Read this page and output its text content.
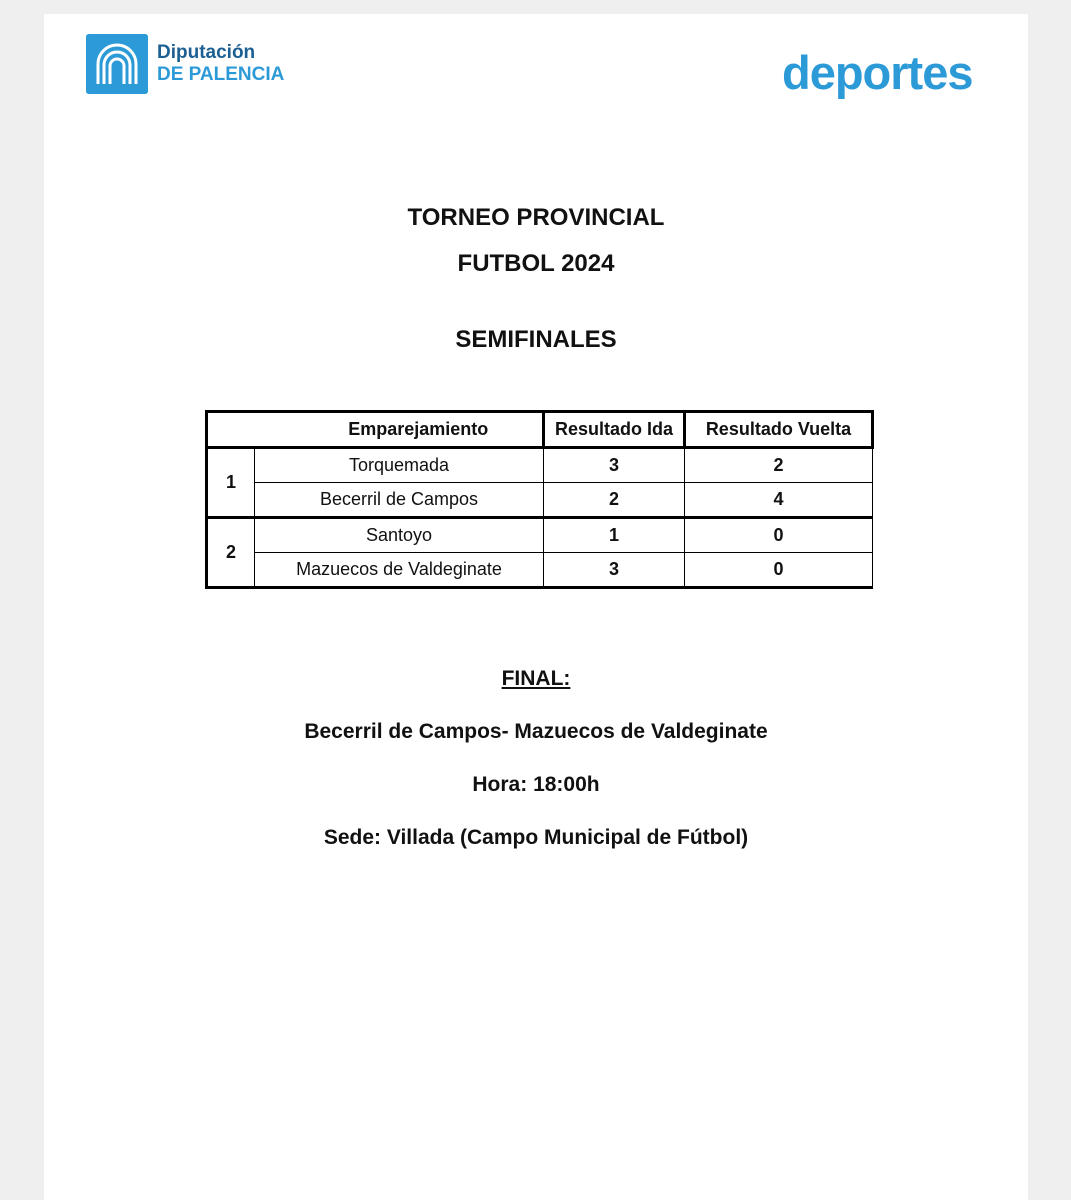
Diputación
DE PALENCIA	deportes
TORNEO PROVINCIAL
FUTBOL 2024
SEMIFINALES
	Emparejamiento	Resultado Ida	Resultado Vuelta
1	Torquemada	3	2
	Becerril de Campos	2	4
2	Santoyo	1	0
	Mazuecos de Valdeginate	3	0
FINAL:
Becerril de Campos- Mazuecos de Valdeginate
Hora: 18:00h
Sede: Villada (Campo Municipal de Fútbol)
